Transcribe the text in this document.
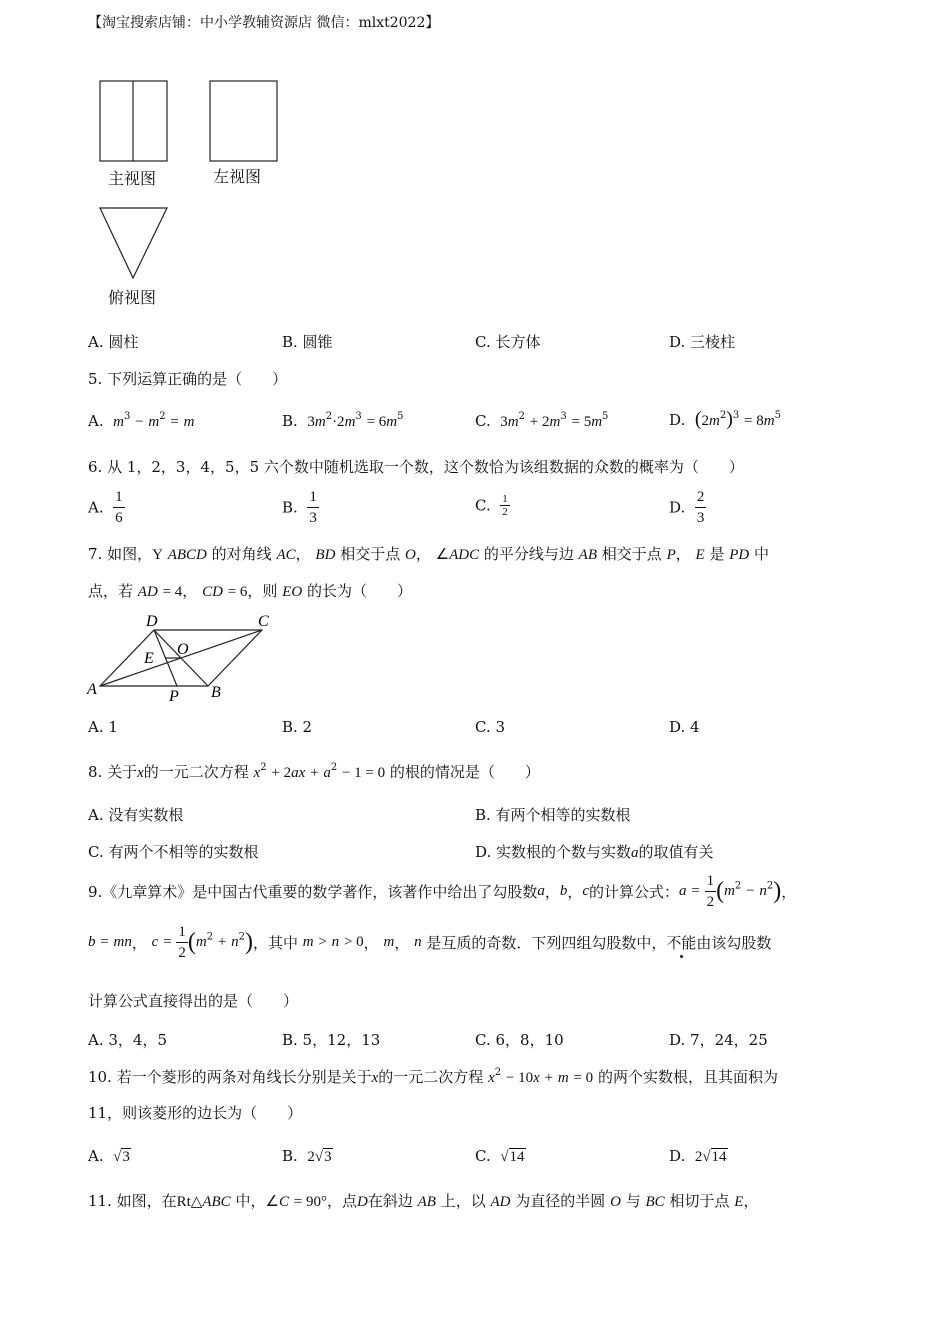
【淘宝搜索店铺：中小学教辅资源店 微信：mlxt2022】
主视图	左视图
俯视图
A. 圆柱	B. 圆锥	C. 长方体	D. 三棱柱
5. 下列运算正确的是（　　）
A. $m^3 - m^2 = m$	B. $3m^2\cdot 2m^3 = 6m^5$	C. $3m^2 + 2m^3 = 5m^5$	D. $(2m^2)^3 = 8m^5$
6. 从 1，2，3，4，5，5 六个数中随机选取一个数，这个数恰为该组数据的众数的概率为（　　）
A. $\frac{1}{6}$	B. $\frac{1}{3}$	C. $\frac{1}{2}$	D. $\frac{2}{3}$
7. 如图，Y ABCD 的对角线 AC， BD 相交于点 O， ∠ADC 的平分线与边 AB 相交于点 P， E 是 PD 中
点，若 AD = 4， CD = 6，则 EO 的长为（　　）
D	C
A	B
E
O
P
A. 1	B. 2	C. 3	D. 4
8. 关于x的一元二次方程 $x^2 + 2ax + a^2 - 1 = 0$ 的根的情况是（　　）
A. 没有实数根	B. 有两个相等的实数根
C. 有两个不相等的实数根	D. 实数根的个数与实数a的取值有关
9.《九章算术》是中国古代重要的数学著作，该著作中给出了勾股数a，b，c的计算公式：$a = \frac{1}{2} (m^2 - n^2)$，
b = mn， $c = \frac{1}{2} (m^2 + n^2)$，其中 m > n > 0， m， n 是互质的奇数．下列四组勾股数中，不能由该勾股数
计算公式直接得出的是（　　）
A. 3，4，5	B. 5，12，13	C. 6，8，10	D. 7，24，25
10. 若一个菱形的两条对角线长分别是关于x的一元二次方程 $x^2 - 10x + m = 0$ 的两个实数根，且其面积为
11，则该菱形的边长为（　　）
A. √3	B. 2√3	C. √14	D. 2√14
11. 如图，在Rt△ABC 中，∠C = 90°，点D在斜边 AB 上，以 AD 为直径的半圆 O 与 BC 相切于点 E，
